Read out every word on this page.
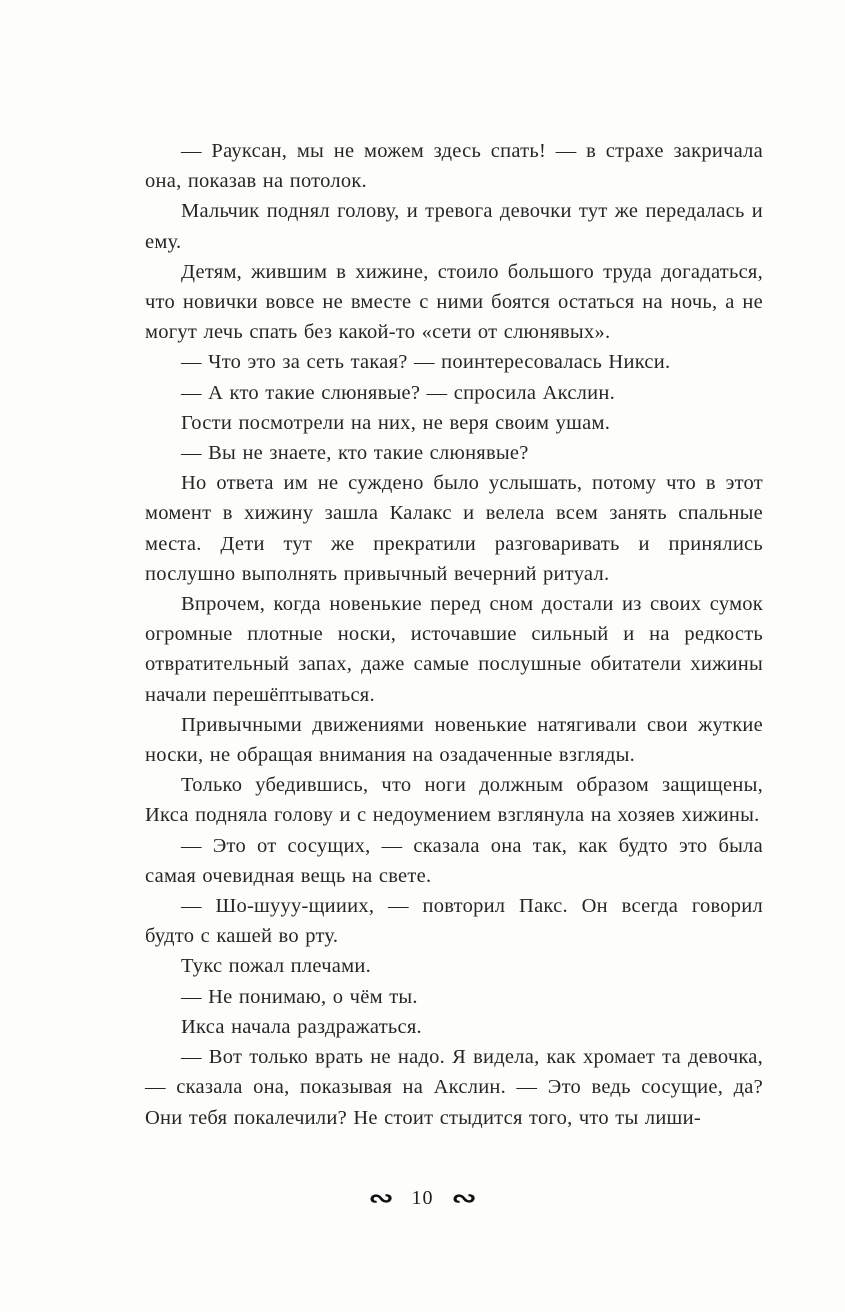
— Рауксан, мы не можем здесь спать! — в страхе закричала она, показав на потолок.

Мальчик поднял голову, и тревога девочки тут же передалась и ему.

Детям, жившим в хижине, стоило большого труда догадаться, что новички вовсе не вместе с ними боятся остаться на ночь, а не могут лечь спать без какой-то «сети от слюнявых».

— Что это за сеть такая? — поинтересовалась Никси.

— А кто такие слюнявые? — спросила Акслин.

Гости посмотрели на них, не веря своим ушам.

— Вы не знаете, кто такие слюнявые?

Но ответа им не суждено было услышать, потому что в этот момент в хижину зашла Калакс и велела всем занять спальные места. Дети тут же прекратили разговаривать и принялись послушно выполнять привычный вечерний ритуал.

Впрочем, когда новенькие перед сном достали из своих сумок огромные плотные носки, источавшие сильный и на редкость отвратительный запах, даже самые послушные обитатели хижины начали перешёптываться.

Привычными движениями новенькие натягивали свои жуткие носки, не обращая внимания на озадаченные взгляды.

Только убедившись, что ноги должным образом защищены, Икса подняла голову и с недоумением взглянула на хозяев хижины.

— Это от сосущих, — сказала она так, как будто это была самая очевидная вещь на свете.

— Шо-шууу-щииих, — повторил Пакс. Он всегда говорил будто с кашей во рту.

Тукс пожал плечами.

— Не понимаю, о чём ты.

Икса начала раздражаться.

— Вот только врать не надо. Я видела, как хромает та девочка, — сказала она, показывая на Акслин. — Это ведь сосущие, да? Они тебя покалечили? Не стоит стыдится того, что ты лиши-

∾ 10 ∾
